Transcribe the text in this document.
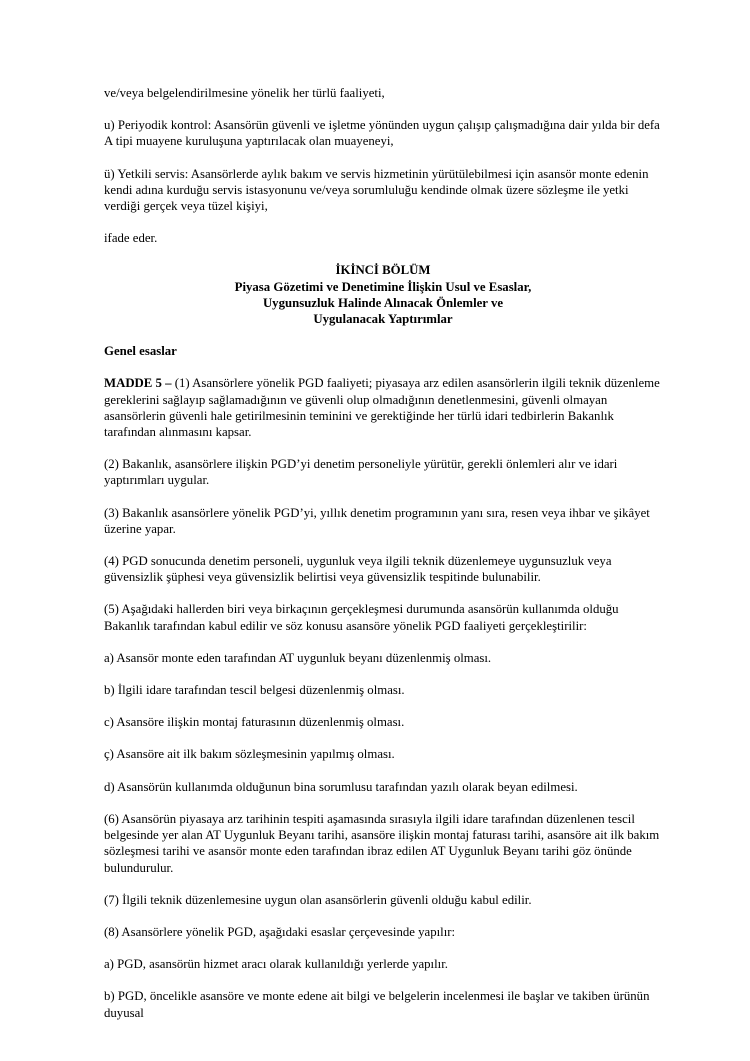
ve/veya belgelendirilmesine yönelik her türlü faaliyeti,

u) Periyodik kontrol: Asansörün güvenli ve işletme yönünden uygun çalışıp çalışmadığına dair yılda bir defa A tipi muayene kuruluşuna yaptırılacak olan muayeneyi,

ü) Yetkili servis: Asansörlerde aylık bakım ve servis hizmetinin yürütülebilmesi için asansör monte edenin kendi adına kurduğu servis istasyonunu ve/veya sorumluluğu kendinde olmak üzere sözleşme ile yetki verdiği gerçek veya tüzel kişiyi,

ifade eder.

İKİNCİ BÖLÜM
Piyasa Gözetimi ve Denetimine İlişkin Usul ve Esaslar,
Uygunsuzluk Halinde Alınacak Önlemler ve
Uygulanacak Yaptırımlar

Genel esaslar

MADDE 5 – (1) Asansörlere yönelik PGD faaliyeti; piyasaya arz edilen asansörlerin ilgili teknik düzenleme gereklerini sağlayıp sağlamadığının ve güvenli olup olmadığının denetlenmesini, güvenli olmayan asansörlerin güvenli hale getirilmesinin teminini ve gerektiğinde her türlü idari tedbirlerin Bakanlık tarafından alınmasını kapsar.

(2) Bakanlık, asansörlere ilişkin PGD’yi denetim personeliyle yürütür, gerekli önlemleri alır ve idari yaptırımları uygular.

(3) Bakanlık asansörlere yönelik PGD’yi, yıllık denetim programının yanı sıra, resen veya ihbar ve şikâyet üzerine yapar.

(4) PGD sonucunda denetim personeli, uygunluk veya ilgili teknik düzenlemeye uygunsuzluk veya güvensizlik şüphesi veya güvensizlik belirtisi veya güvensizlik tespitinde bulunabilir.

(5) Aşağıdaki hallerden biri veya birkaçının gerçekleşmesi durumunda asansörün kullanımda olduğu Bakanlık tarafından kabul edilir ve söz konusu asansöre yönelik PGD faaliyeti gerçekleştirilir:

a) Asansör monte eden tarafından AT uygunluk beyanı düzenlenmiş olması.

b) İlgili idare tarafından tescil belgesi düzenlenmiş olması.

c) Asansöre ilişkin montaj faturasının düzenlenmiş olması.

ç) Asansöre ait ilk bakım sözleşmesinin yapılmış olması.

d) Asansörün kullanımda olduğunun bina sorumlusu tarafından yazılı olarak beyan edilmesi.

(6) Asansörün piyasaya arz tarihinin tespiti aşamasında sırasıyla ilgili idare tarafından düzenlenen tescil belgesinde yer alan AT Uygunluk Beyanı tarihi, asansöre ilişkin montaj faturası tarihi, asansöre ait ilk bakım sözleşmesi tarihi ve asansör monte eden tarafından ibraz edilen AT Uygunluk Beyanı tarihi göz önünde bulundurulur.

(7) İlgili teknik düzenlemesine uygun olan asansörlerin güvenli olduğu kabul edilir.

(8) Asansörlere yönelik PGD, aşağıdaki esaslar çerçevesinde yapılır:

a) PGD, asansörün hizmet aracı olarak kullanıldığı yerlerde yapılır.

b) PGD, öncelikle asansöre ve monte edene ait bilgi ve belgelerin incelenmesi ile başlar ve takiben ürünün duyusal
